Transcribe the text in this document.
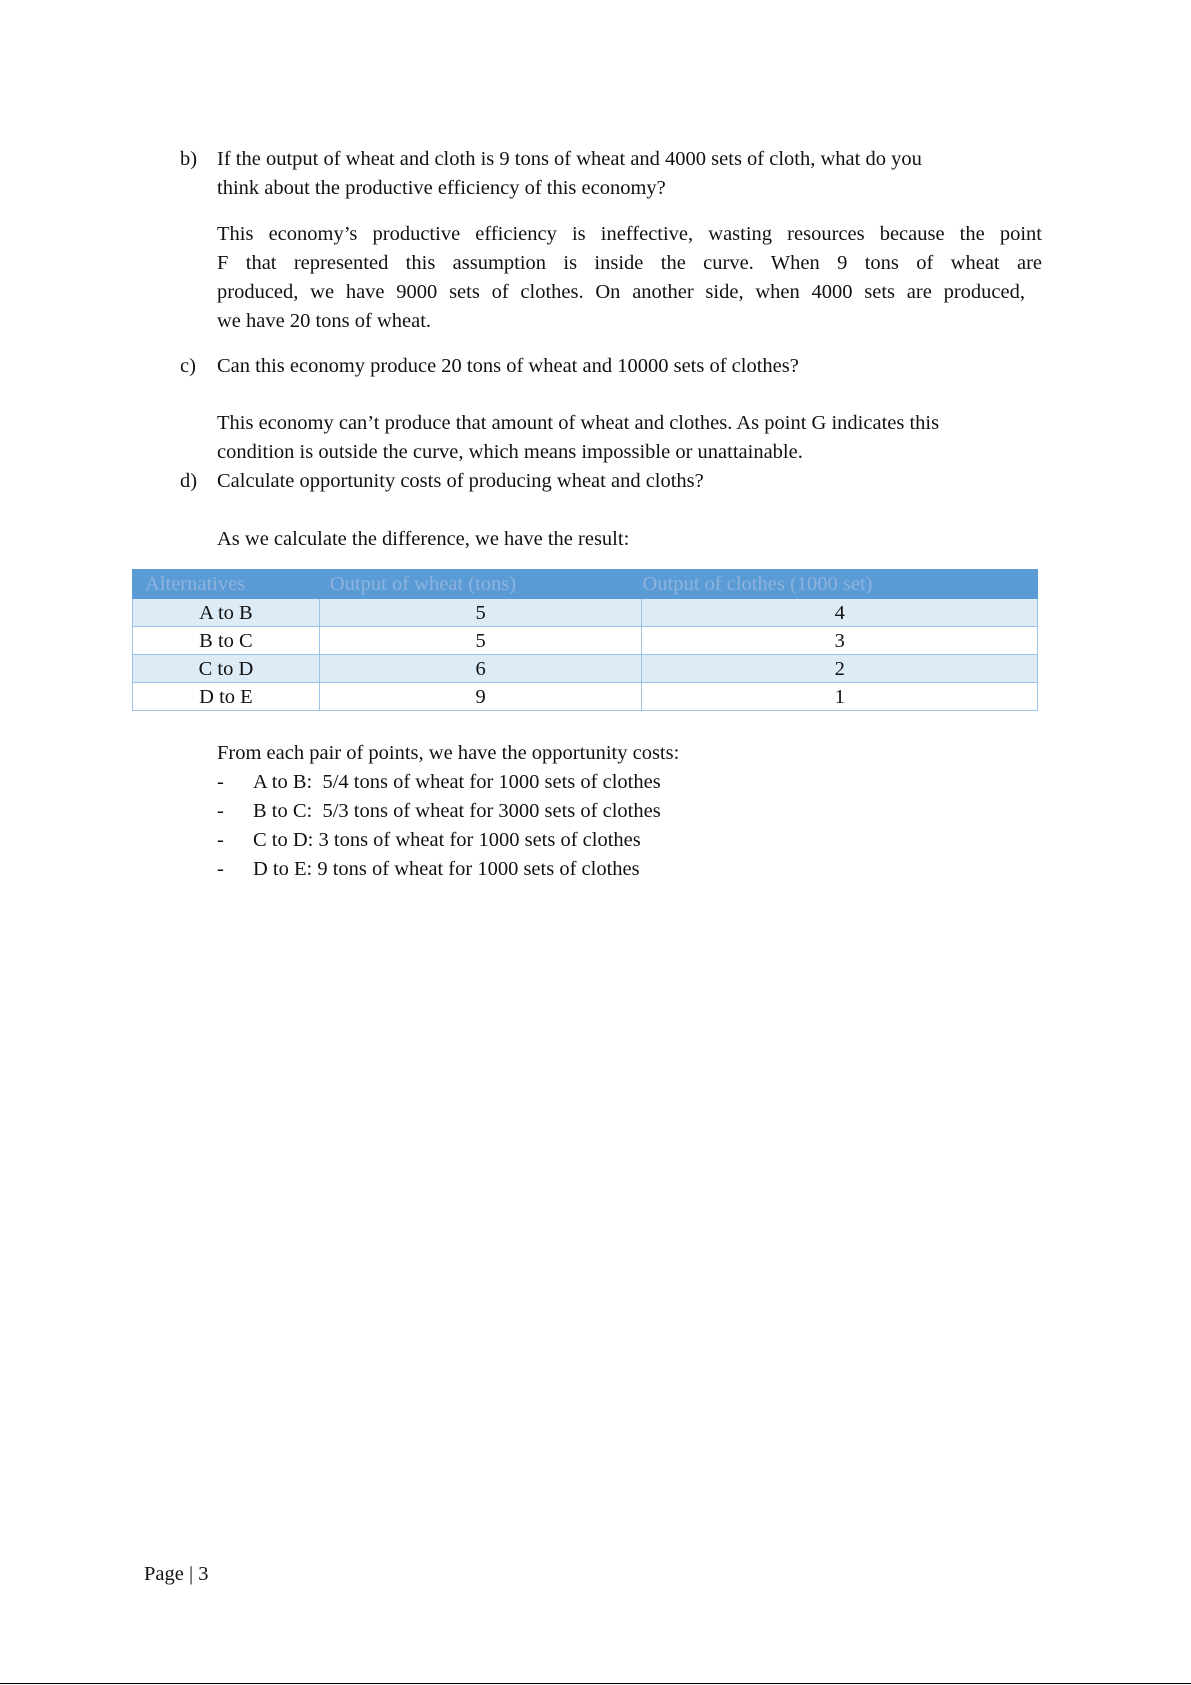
b) If the output of wheat and cloth is 9 tons of wheat and 4000 sets of cloth, what do you
think about the productive efficiency of this economy?
This economy’s productive efficiency is ineffective, wasting resources because the point
F that represented this assumption is inside the curve. When 9 tons of wheat are
produced, we have 9000 sets of clothes. On another side, when 4000 sets are produced,
we have 20 tons of wheat.
c) Can this economy produce 20 tons of wheat and 10000 sets of clothes?
This economy can’t produce that amount of wheat and clothes. As point G indicates this
condition is outside the curve, which means impossible or unattainable.
d) Calculate opportunity costs of producing wheat and cloths?
As we calculate the difference, we have the result:
Alternatives	Output of wheat (tons)	Output of clothes (1000 set)
A to B	5	4
B to C	5	3
C to D	6	2
D to E	9	1
From each pair of points, we have the opportunity costs:
- A to B:  5/4 tons of wheat for 1000 sets of clothes
- B to C:  5/3 tons of wheat for 3000 sets of clothes
- C to D: 3 tons of wheat for 1000 sets of clothes
- D to E: 9 tons of wheat for 1000 sets of clothes
Page | 3
